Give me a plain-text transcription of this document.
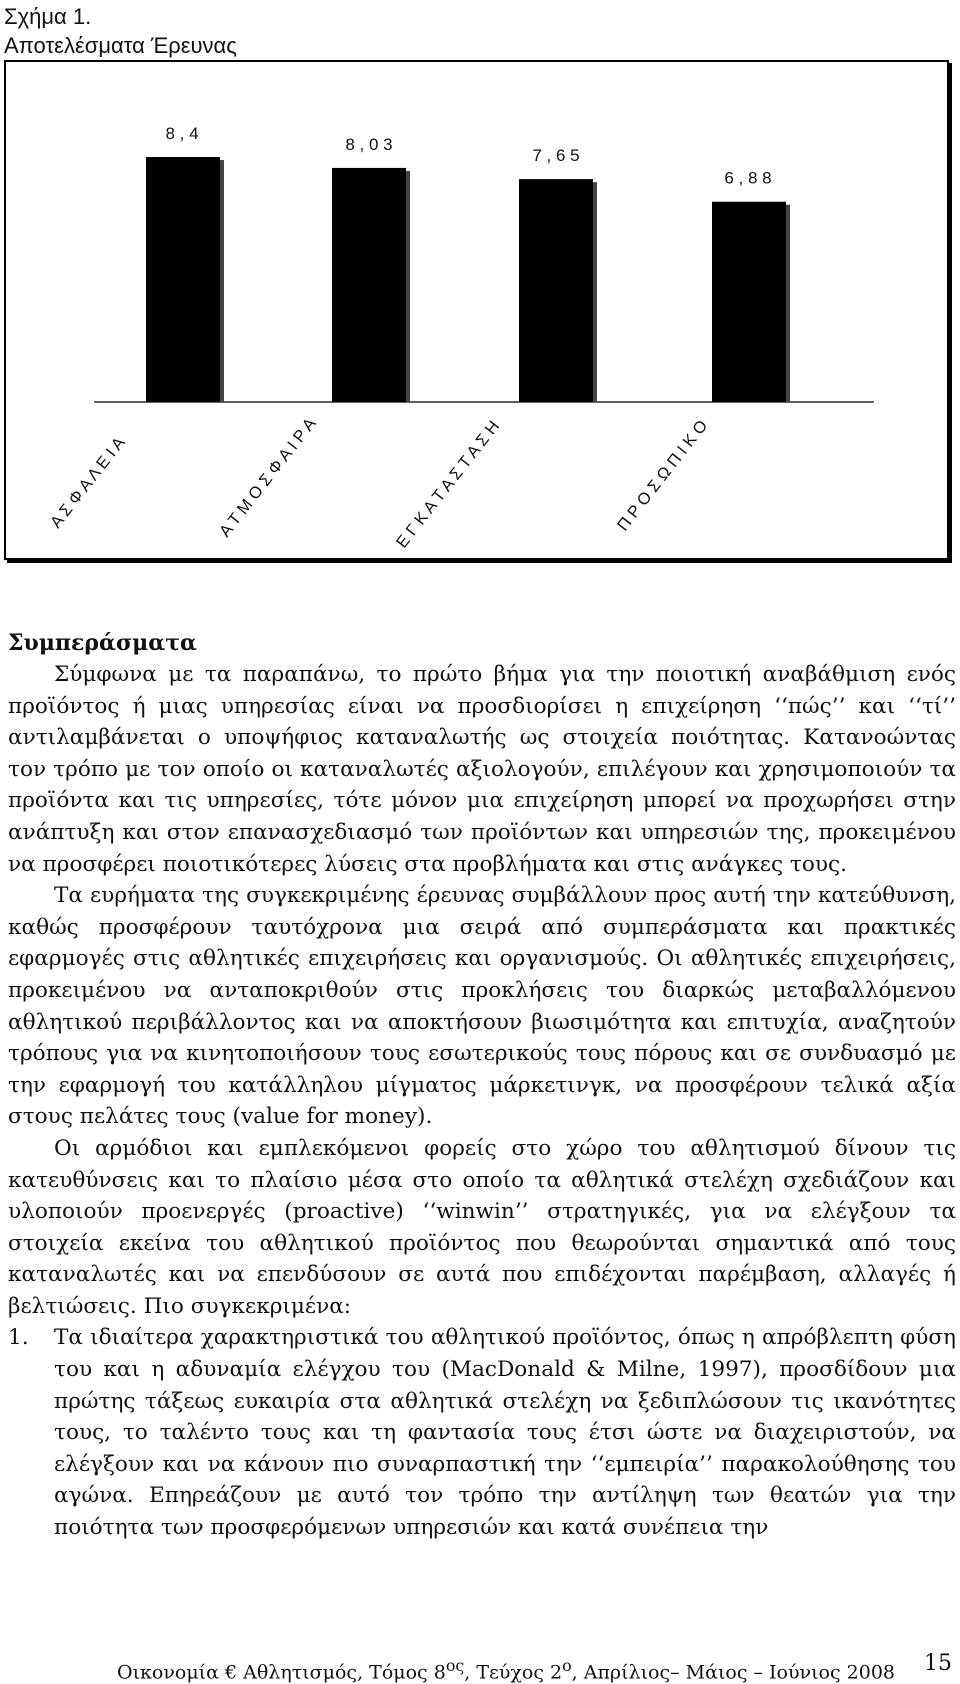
Σχήμα 1.
Αποτελέσματα Έρευνας
8 , 4
Α Σ Φ Α Λ Ε Ι Α
8 , 0 3
Α Τ Μ Ο Σ Φ Α Ι Ρ Α
7 , 6 5
Ε Γ Κ Α Τ Α Σ Τ Α Σ Η
6 , 8 8
Π Ρ Ο Σ Ω Π Ι Κ Ο
Συμπεράσματα

Σύμφωνα με τα παραπάνω, το πρώτο βήμα για την ποιοτική αναβάθμιση ενός προϊόντος ή μιας υπηρεσίας είναι να προσδιορίσει η επιχείρηση ‘‘πώς’’ και ‘‘τί’’ αντιλαμβάνεται ο υποψήφιος καταναλωτής ως στοιχεία ποιότητας. Κατανοώντας τον τρόπο με τον οποίο οι καταναλωτές αξιολογούν, επιλέγουν και χρησιμοποιούν τα προϊόντα και τις υπηρεσίες, τότε μόνον μια επιχείρηση μπορεί να προχωρήσει στην ανάπτυξη και στον επανασχεδιασμό των προϊόντων και υπηρεσιών της, προκειμένου να προσφέρει ποιοτικότερες λύσεις στα προβλήματα και στις ανάγκες τους.

Τα ευρήματα της συγκεκριμένης έρευνας συμβάλλουν προς αυτή την κατεύθυνση, καθώς προσφέρουν ταυτόχρονα μια σειρά από συμπεράσματα και πρακτικές εφαρμογές στις αθλητικές επιχειρήσεις και οργανισμούς. Οι αθλητικές επιχειρήσεις, προκειμένου να ανταποκριθούν στις προκλήσεις του διαρκώς μεταβαλλόμενου αθλητικού περιβάλλοντος και να αποκτήσουν βιωσιμότητα και επιτυχία, αναζητούν τρόπους για να κινητοποιήσουν τους εσωτερικούς τους πόρους και σε συνδυασμό με την εφαρμογή του κατάλληλου μίγματος μάρκετινγκ, να προσφέρουν τελικά αξία στους πελάτες τους (value for money).

Οι αρμόδιοι και εμπλεκόμενοι φορείς στο χώρο του αθλητισμού δίνουν τις κατευθύνσεις και το πλαίσιο μέσα στο οποίο τα αθλητικά στελέχη σχεδιάζουν και υλοποιούν προενεργές (proactive) ‘‘winwin’’ στρατηγικές, για να ελέγξουν τα στοιχεία εκείνα του αθλητικού προϊόντος που θεωρούνται σημαντικά από τους καταναλωτές και να επενδύσουν σε αυτά που επιδέχονται παρέμβαση, αλλαγές ή βελτιώσεις. Πιο συγκεκριμένα:

1. Τα ιδιαίτερα χαρακτηριστικά του αθλητικού προϊόντος, όπως η απρόβλεπτη φύση του και η αδυναμία ελέγχου του (MacDonald & Milne, 1997), προσδίδουν μια πρώτης τάξεως ευκαιρία στα αθλητικά στελέχη να ξεδιπλώσουν τις ικανότητες τους, το ταλέντο τους και τη φαντασία τους έτσι ώστε να διαχειριστούν, να ελέγξουν και να κάνουν πιο συναρπαστική την ‘‘εμπειρία’’ παρακολούθησης του αγώνα. Επηρεάζουν με αυτό τον τρόπο την αντίληψη των θεατών για την ποιότητα των προσφερόμενων υπηρεσιών και κατά συνέπεια την
Οικονομία € Αθλητισμός, Τόμος $8^{o\varsigma}$, Τεύχος $2^o$, Απρίλιος– Μάιος – Ιούνιος 2008 15
